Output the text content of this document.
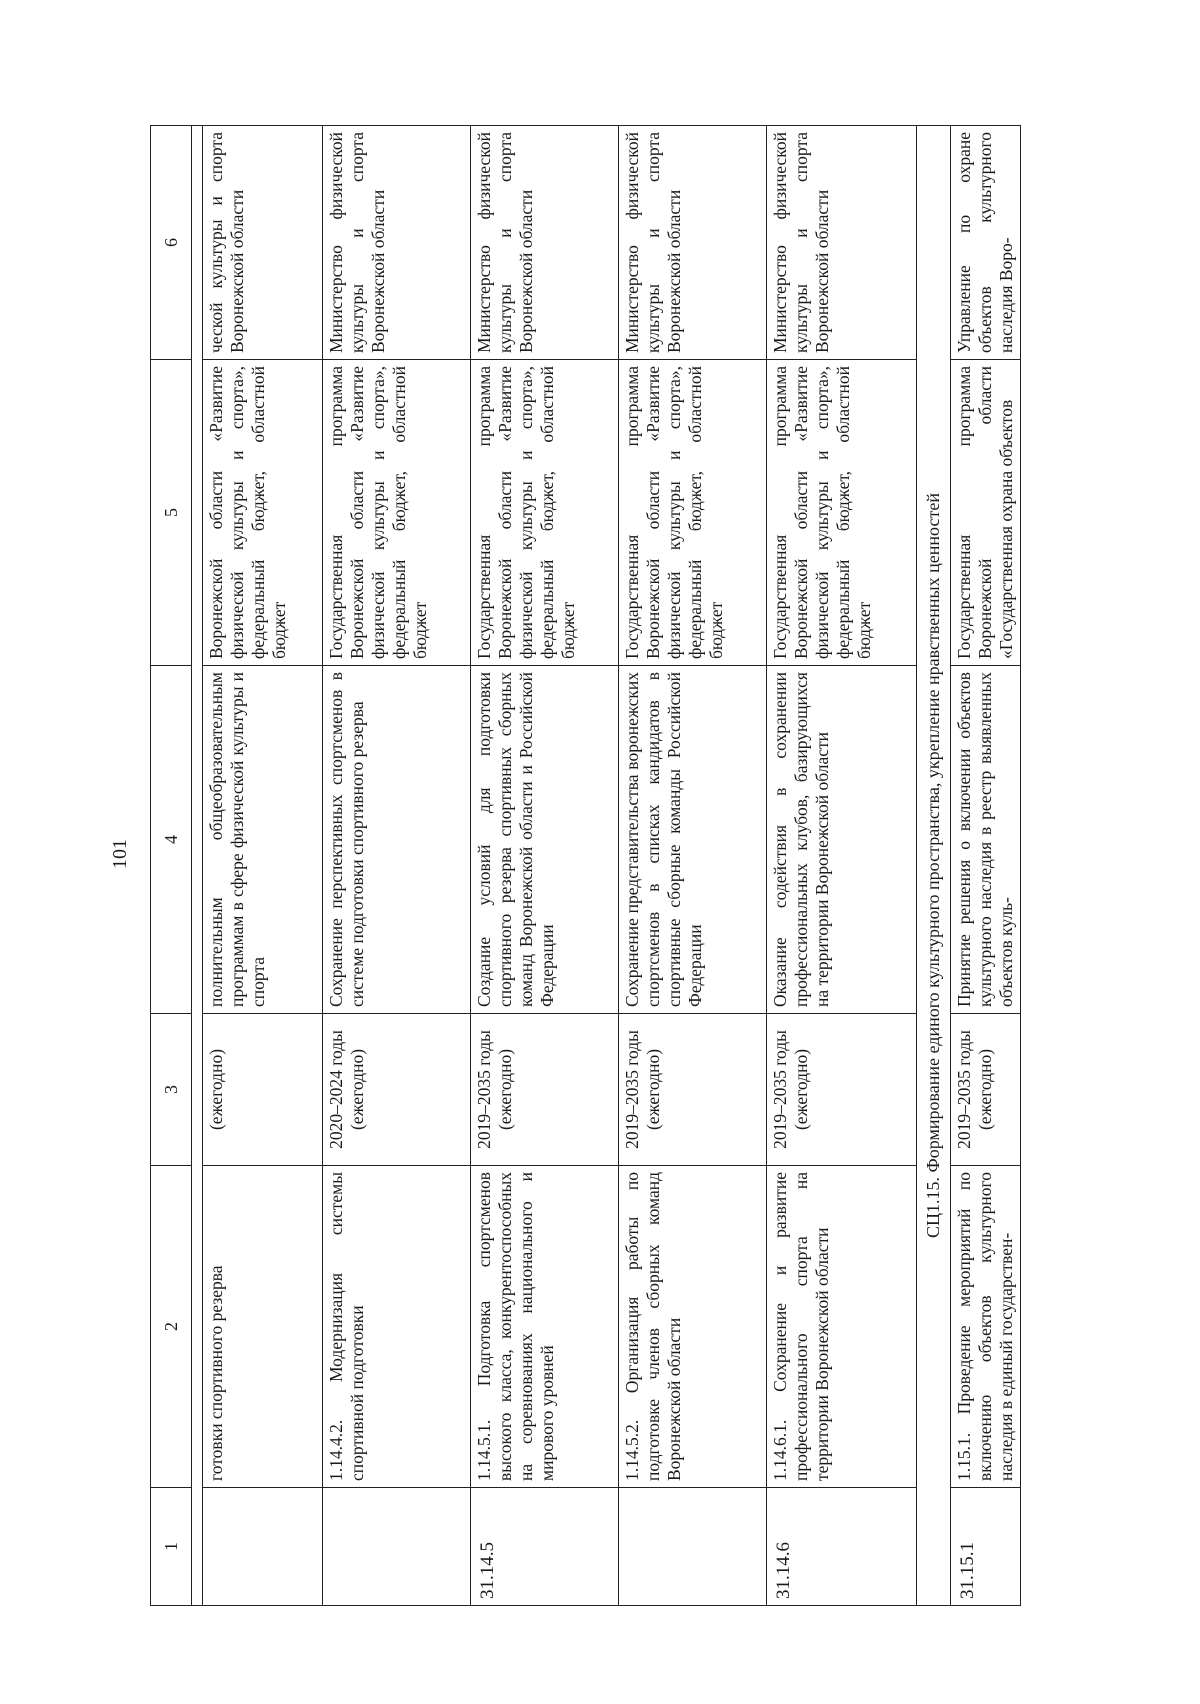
101
1	2	3	4	5	6

	готовки спортивного резерва	(ежегодно)	полнительным общеобразовательным программам в сфере физической культуры и спорта	Воронежской области «Развитие физической культуры и спорта», федеральный бюджет, областной бюджет	ческой культуры и спорта Воронежской области
	1.14.4.2. Модернизация системы спортивной подготовки	2020–2024 годы (ежегодно)	Сохранение перспективных спортсменов в системе подготовки спортивного резерва	Государственная программа Воронежской области «Развитие физической культуры и спорта», федеральный бюджет, областной бюджет	Министерство физической культуры и спорта Воронежской области
31.14.5	1.14.5.1. Подготовка спортсменов высокого класса, конкурентоспособных на соревнованиях национального и мирового уровней	2019–2035 годы (ежегодно)	Создание условий для подготовки спортивного резерва спортивных сборных команд Воронежской области и Российской Федерации	Государственная программа Воронежской области «Развитие физической культуры и спорта», федеральный бюджет, областной бюджет	Министерство физической культуры и спорта Воронежской области
	1.14.5.2. Организация работы по подготовке членов сборных команд Воронежской области	2019–2035 годы (ежегодно)	Сохранение представительства воронежских спортсменов в списках кандидатов в спортивные сборные команды Российской Федерации	Государственная программа Воронежской области «Развитие физической культуры и спорта», федеральный бюджет, областной бюджет	Министерство физической культуры и спорта Воронежской области
31.14.6	1.14.6.1. Сохранение и развитие профессионального спорта на территории Воронежской области	2019–2035 годы (ежегодно)	Оказание содействия в сохранении профессиональных клубов, базирующихся на территории Воронежской области	Государственная программа Воронежской области «Развитие физической культуры и спорта», федеральный бюджет, областной бюджет	Министерство физической культуры и спорта Воронежской области
СЦ1.15. Формирование единого культурного пространства, укрепление нравственных ценностей					
31.15.1	1.15.1. Проведение мероприятий по включению объектов культурного наследия в единый государствен-	2019–2035 годы (ежегодно)	Принятие решения о включении объектов культурного наследия в реестр выявленных объектов куль-	Государственная программа Воронежской области «Государственная охрана объектов	Управление по охране объектов культурного наследия Воро-
